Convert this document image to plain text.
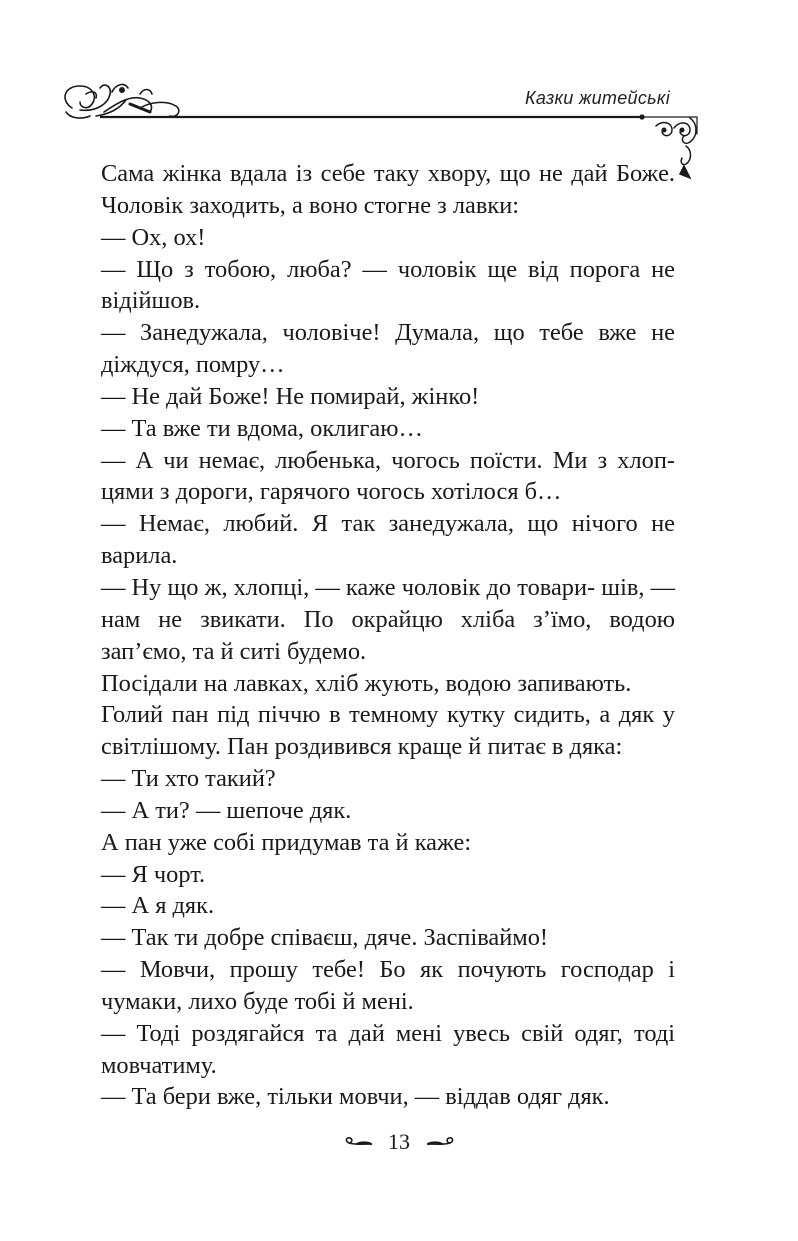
Казки житейські

Сама жінка вдала із себе таку хвору, що не дай Боже. Чоловік заходить, а воно стогне з лавки:

— Ох, ох!

— Що з тобою, люба? — чоловік ще від порога не відійшов.

— Занедужала, чоловіче! Думала, що тебе вже не діждуся, помру…

— Не дай Боже! Не помирай, жінко!

— Та вже ти вдома, оклигаю…

— А чи немає, любенька, чогось поїсти. Ми з хлоп- цями з дороги, гарячого чогось хотілося б…

— Немає, любий. Я так занедужала, що нічого не варила.

— Ну що ж, хлопці, — каже чоловік до товари- шів, — нам не звикати. По окрайцю хліба з’їмо, водою зап’ємо, та й ситі будемо.

Посідали на лавках, хліб жують, водою запивають.

Голий пан під піччю в темному кутку сидить, а дяк у світлішому. Пан роздивився краще й питає в дяка:

— Ти хто такий?

— А ти? — шепоче дяк.

А пан уже собі придумав та й каже:

— Я чорт.

— А я дяк.

— Так ти добре співаєш, дяче. Заспіваймо!

— Мовчи, прошу тебе! Бо як почують господар і чумаки, лихо буде тобі й мені.

— Тоді роздягайся та дай мені увесь свій одяг, тоді мовчатиму.

— Та бери вже, тільки мовчи, — віддав одяг дяк.

13
